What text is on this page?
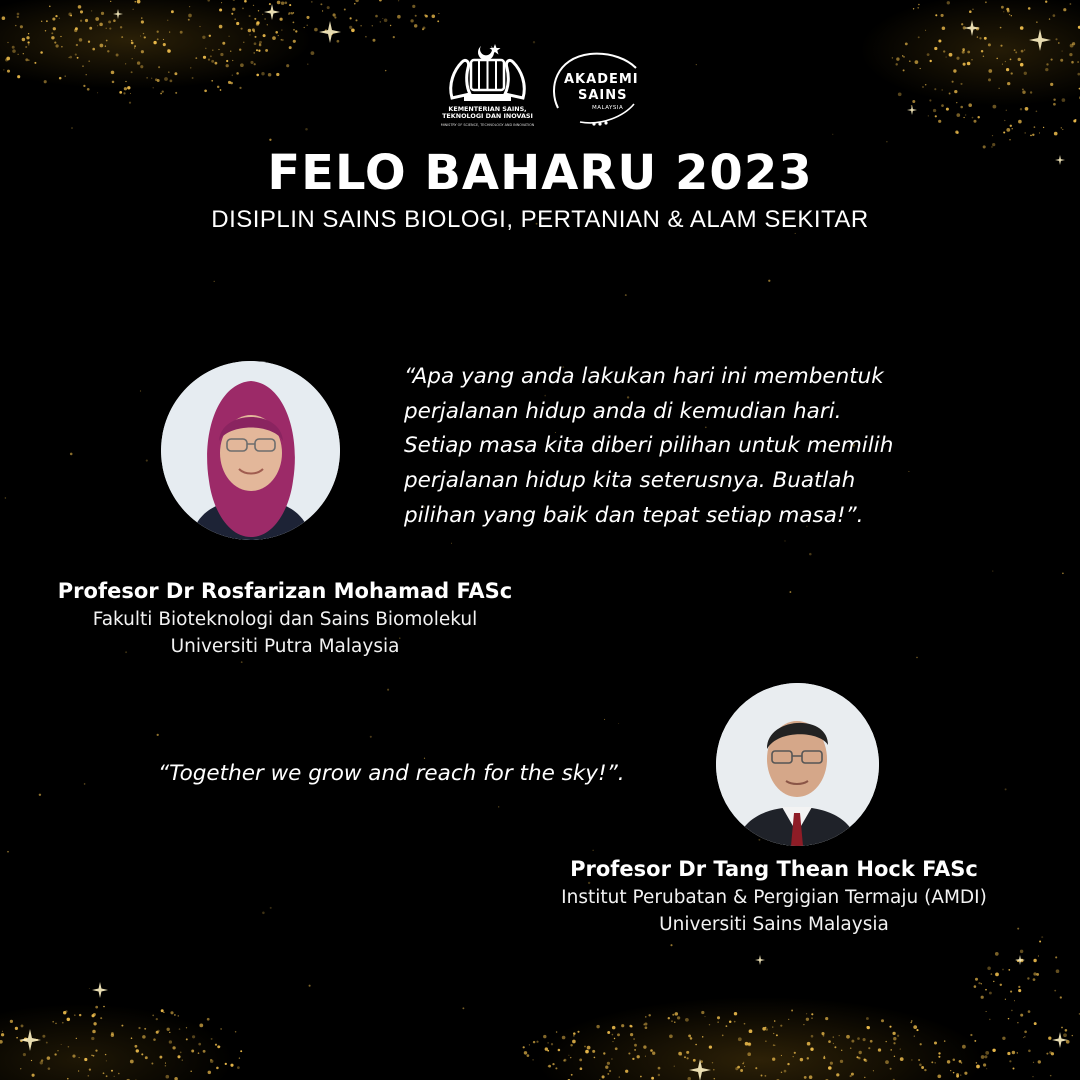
KEMENTERIAN SAINS,
TEKNOLOGI DAN INOVASI
MINISTRY OF SCIENCE, TECHNOLOGY AND INNOVATION
AKADEMI
SAINS
MALAYSIA
FELO BAHARU 2023
DISIPLIN SAINS BIOLOGI, PERTANIAN & ALAM SEKITAR

“Apa yang anda lakukan hari ini membentuk

perjalanan hidup anda di kemudian hari.

Setiap masa kita diberi pilihan untuk memilih

perjalanan hidup kita seterusnya. Buatlah

pilihan yang baik dan tepat setiap masa!”.

Profesor Dr Rosfarizan Mohamad FASc
Fakulti Bioteknologi dan Sains Biomolekul
Universiti Putra Malaysia

“Together we grow and reach for the sky!”.

Profesor Dr Tang Thean Hock FASc
Institut Perubatan & Pergigian Termaju (AMDI)
Universiti Sains Malaysia
